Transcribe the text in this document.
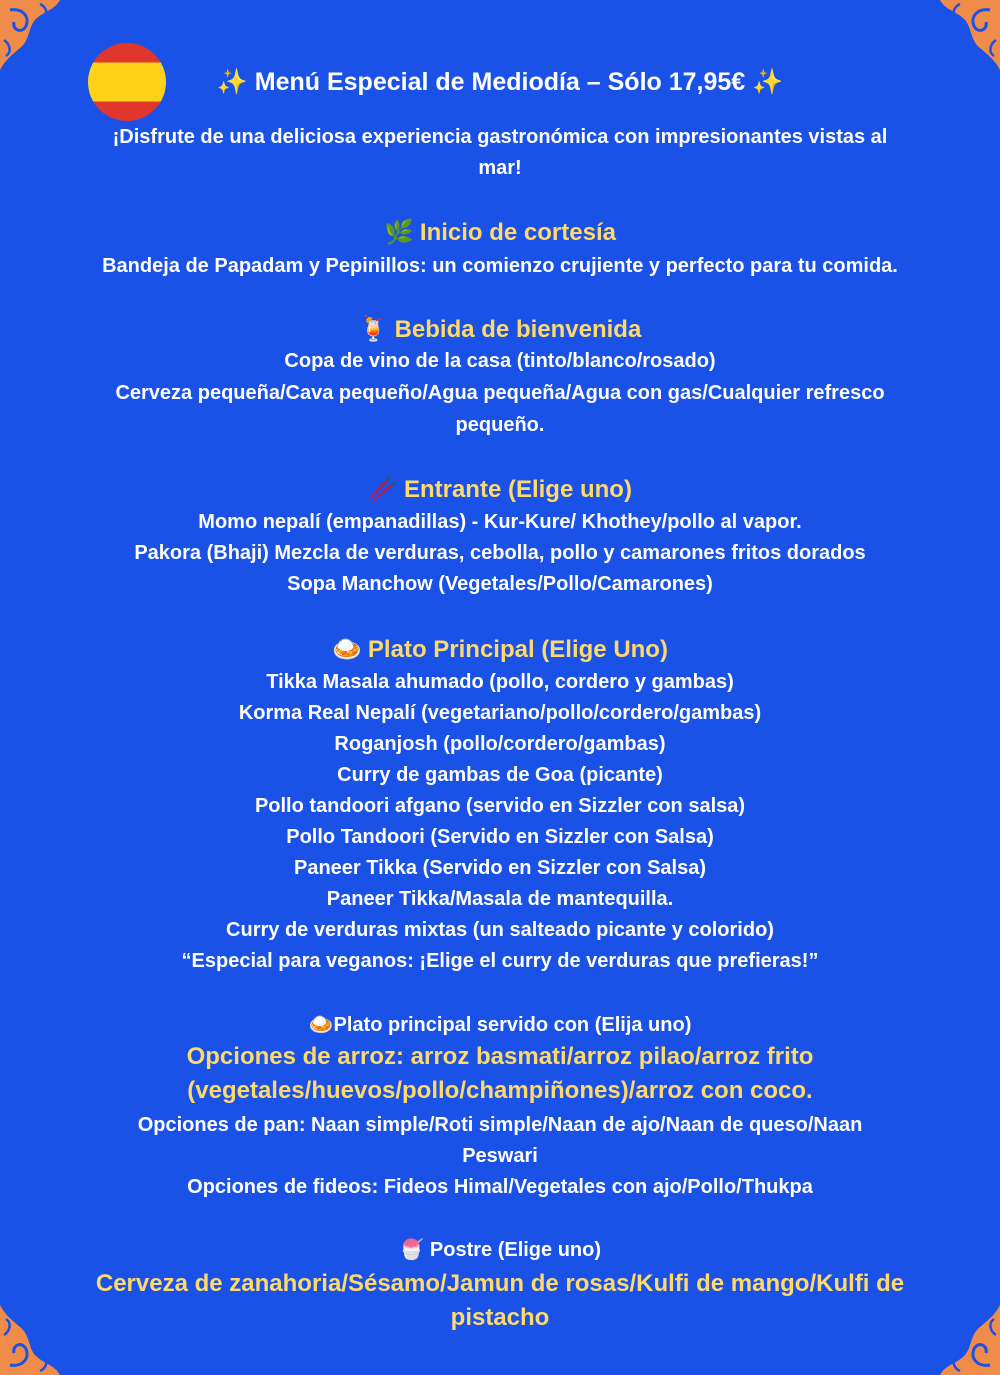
✨ Menú Especial de Mediodía – Sólo 17,95€ ✨
¡Disfrute de una deliciosa experiencia gastronómica con impresionantes vistas al
mar!
🌿 Inicio de cortesía
Bandeja de Papadam y Pepinillos: un comienzo crujiente y perfecto para tu comida.
🍹 Bebida de bienvenida
Copa de vino de la casa (tinto/blanco/rosado)
Cerveza pequeña/Cava pequeño/Agua pequeña/Agua con gas/Cualquier refresco
pequeño.
🥢 Entrante (Elige uno)
Momo nepalí (empanadillas) - Kur-Kure/ Khothey/pollo al vapor.
Pakora (Bhaji) Mezcla de verduras, cebolla, pollo y camarones fritos dorados
Sopa Manchow (Vegetales/Pollo/Camarones)
🍛 Plato Principal (Elige Uno)
Tikka Masala ahumado (pollo, cordero y gambas)
Korma Real Nepalí (vegetariano/pollo/cordero/gambas)
Roganjosh (pollo/cordero/gambas)
Curry de gambas de Goa (picante)
Pollo tandoori afgano (servido en Sizzler con salsa)
Pollo Tandoori (Servido en Sizzler con Salsa)
Paneer Tikka (Servido en Sizzler con Salsa)
Paneer Tikka/Masala de mantequilla.
Curry de verduras mixtas (un salteado picante y colorido)
“Especial para veganos: ¡Elige el curry de verduras que prefieras!”
🍛Plato principal servido con (Elija uno)
Opciones de arroz: arroz basmati/arroz pilao/arroz frito
(vegetales/huevos/pollo/champiñones)/arroz con coco.
Opciones de pan: Naan simple/Roti simple/Naan de ajo/Naan de queso/Naan
Peswari
Opciones de fideos: Fideos Himal/Vegetales con ajo/Pollo/Thukpa
🍧 Postre (Elige uno)
Cerveza de zanahoria/Sésamo/Jamun de rosas/Kulfi de mango/Kulfi de
pistacho
